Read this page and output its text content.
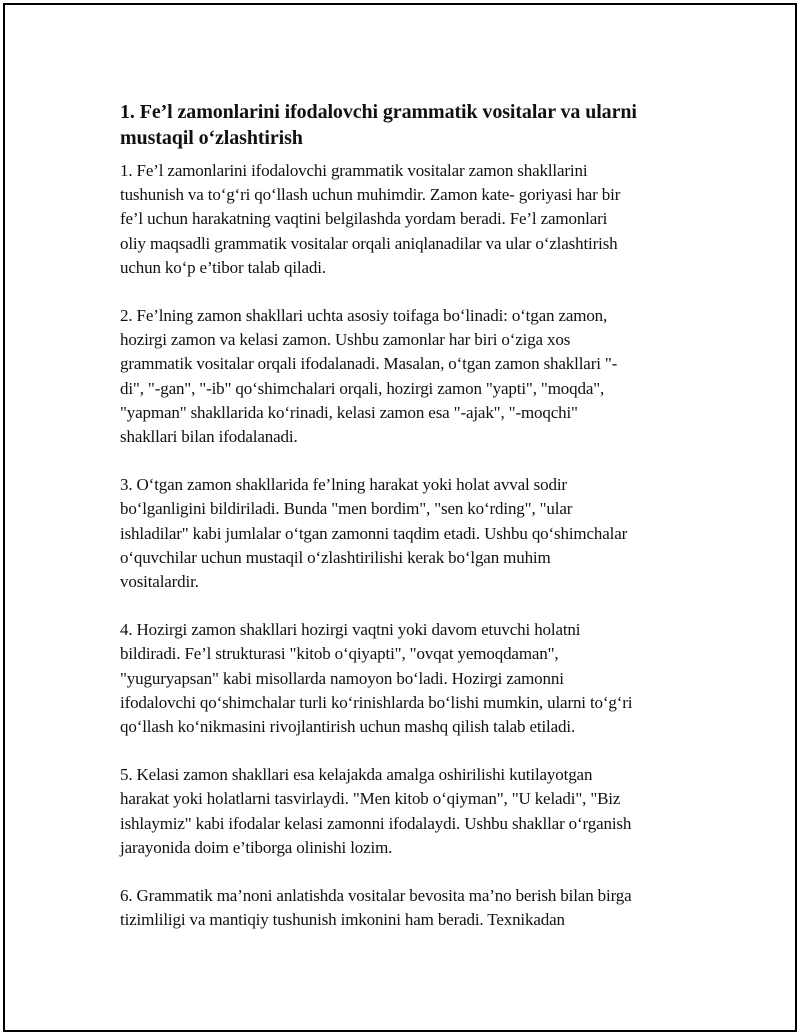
1. Fe’l zamonlarini ifodalovchi grammatik vositalar va ularni
mustaqil o‘zlashtirish

1. Fe’l zamonlarini ifodalovchi grammatik vositalar zamon shakllarini
tushunish va to‘g‘ri qo‘llash uchun muhimdir. Zamon kate- goriyasi har bir
fe’l uchun harakatning vaqtini belgilashda yordam beradi. Fe’l zamonlari
oliy maqsadli grammatik vositalar orqali aniqlanadilar va ular o‘zlashtirish
uchun ko‘p e’tibor talab qiladi.

2. Fe’lning zamon shakllari uchta asosiy toifaga bo‘linadi: o‘tgan zamon,
hozirgi zamon va kelasi zamon. Ushbu zamonlar har biri o‘ziga xos
grammatik vositalar orqali ifodalanadi. Masalan, o‘tgan zamon shakllari "-
di", "-gan", "-ib" qo‘shimchalari orqali, hozirgi zamon "yapti", "moqda",
"yapman" shakllarida ko‘rinadi, kelasi zamon esa "-ajak", "-moqchi"
shakllari bilan ifodalanadi.

3. O‘tgan zamon shakllarida fe’lning harakat yoki holat avval sodir
bo‘lganligini bildiriladi. Bunda "men bordim", "sen ko‘rding", "ular
ishladilar" kabi jumlalar o‘tgan zamonni taqdim etadi. Ushbu qo‘shimchalar
o‘quvchilar uchun mustaqil o‘zlashtirilishi kerak bo‘lgan muhim
vositalardir.

4. Hozirgi zamon shakllari hozirgi vaqtni yoki davom etuvchi holatni
bildiradi. Fe’l strukturasi "kitob o‘qiyapti", "ovqat yemoqdaman",
"yuguryapsan" kabi misollarda namoyon bo‘ladi. Hozirgi zamonni
ifodalovchi qo‘shimchalar turli ko‘rinishlarda bo‘lishi mumkin, ularni to‘g‘ri
qo‘llash ko‘nikmasini rivojlantirish uchun mashq qilish talab etiladi.

5. Kelasi zamon shakllari esa kelajakda amalga oshirilishi kutilayotgan
harakat yoki holatlarni tasvirlaydi. "Men kitob o‘qiyman", "U keladi", "Biz
ishlaymiz" kabi ifodalar kelasi zamonni ifodalaydi. Ushbu shakllar o‘rganish
jarayonida doim e’tiborga olinishi lozim.

6. Grammatik ma’noni anlatishda vositalar bevosita ma’no berish bilan birga
tizimliligi va mantiqiy tushunish imkonini ham beradi. Texnikadan
